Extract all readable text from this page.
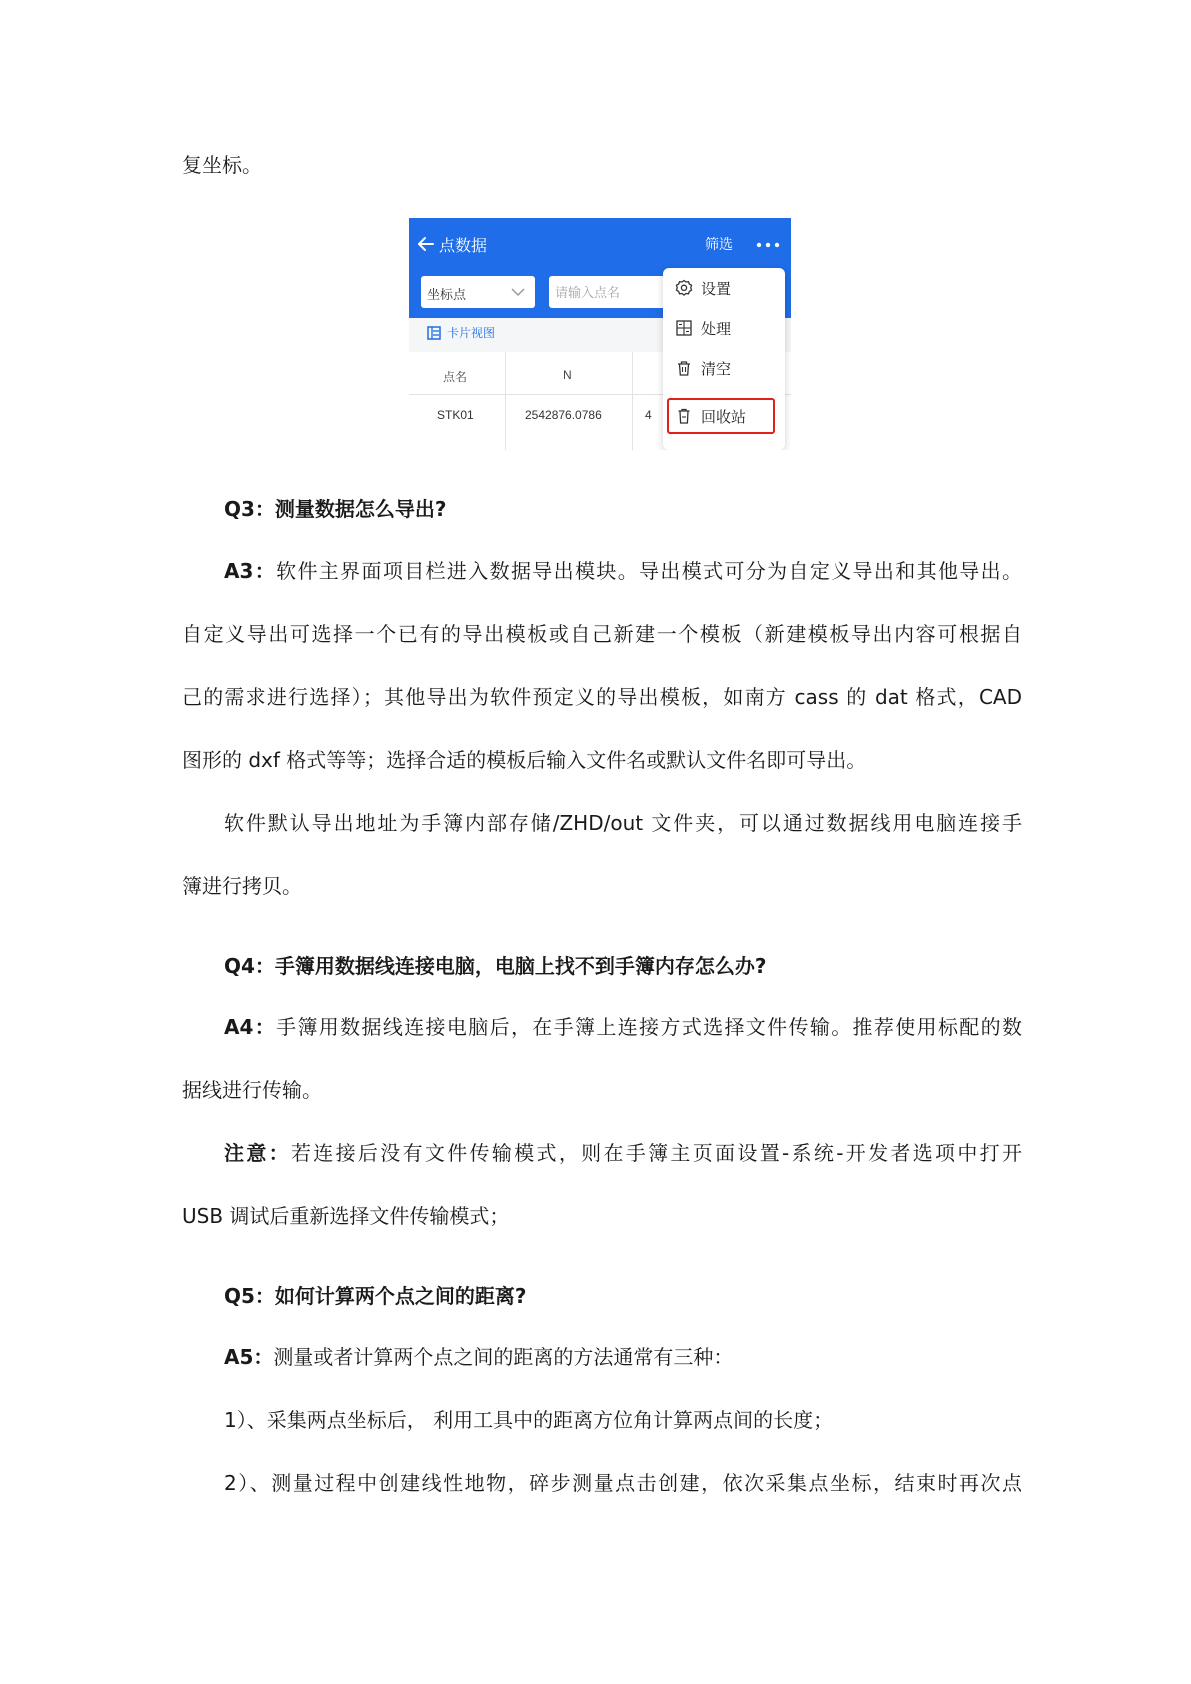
复坐标。
点数据	筛选
坐标点
请输入点名
卡片视图
点名	N
STK01	2542876.0786	4
设置
处理
清空
回收站
Q3：测量数据怎么导出?
A3：软件主界面项目栏进入数据导出模块。导出模式可分为自定义导出和其他导出。
自定义导出可选择一个已有的导出模板或自己新建一个模板（新建模板导出内容可根据自
己的需求进行选择）；其他导出为软件预定义的导出模板，如南方 cass 的 dat 格式，CAD
图形的 dxf 格式等等；选择合适的模板后输入文件名或默认文件名即可导出。
软件默认导出地址为手簿内部存储/ZHD/out 文件夹，可以通过数据线用电脑连接手
簿进行拷贝。
Q4：手簿用数据线连接电脑，电脑上找不到手簿内存怎么办?
A4：手簿用数据线连接电脑后，在手簿上连接方式选择文件传输。推荐使用标配的数
据线进行传输。
注意：若连接后没有文件传输模式，则在手簿主页面设置-系统-开发者选项中打开
USB 调试后重新选择文件传输模式；
Q5：如何计算两个点之间的距离?
A5：测量或者计算两个点之间的距离的方法通常有三种：
1）、采集两点坐标后， 利用工具中的距离方位角计算两点间的长度；
2）、测量过程中创建线性地物，碎步测量点击创建，依次采集点坐标，结束时再次点
